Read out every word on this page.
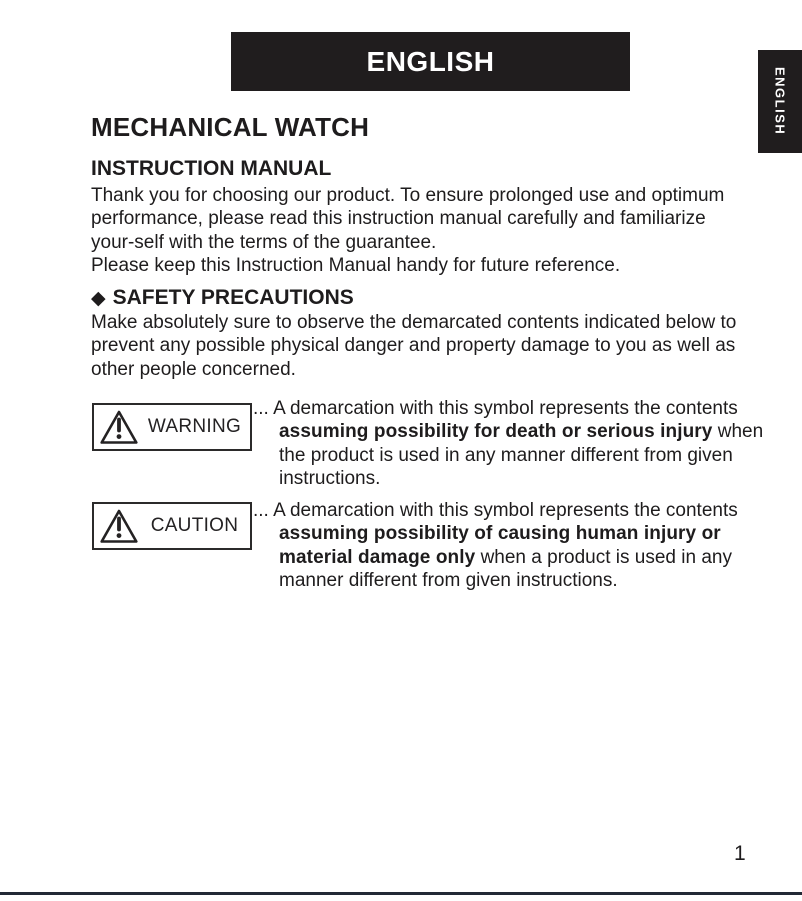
ENGLISH
ENGLISH
MECHANICAL WATCH
INSTRUCTION MANUAL

Thank you for choosing our product. To ensure prolonged use and optimum performance, please read this instruction manual carefully and familiarize your-self with the terms of the guarantee.

Please keep this Instruction Manual handy for future reference.

◆ SAFETY PRECAUTIONS

Make absolutely sure to observe the demarcated contents indicated below to prevent any possible physical danger and property damage to you as well as other people concerned.

WARNING

... A demarcation with this symbol represents the contents assuming possibility for death or serious injury when the product is used in any manner different from given instructions.

CAUTION

... A demarcation with this symbol represents the contents assuming possibility of causing human injury or material damage only when a product is used in any manner different from given instructions.

1
